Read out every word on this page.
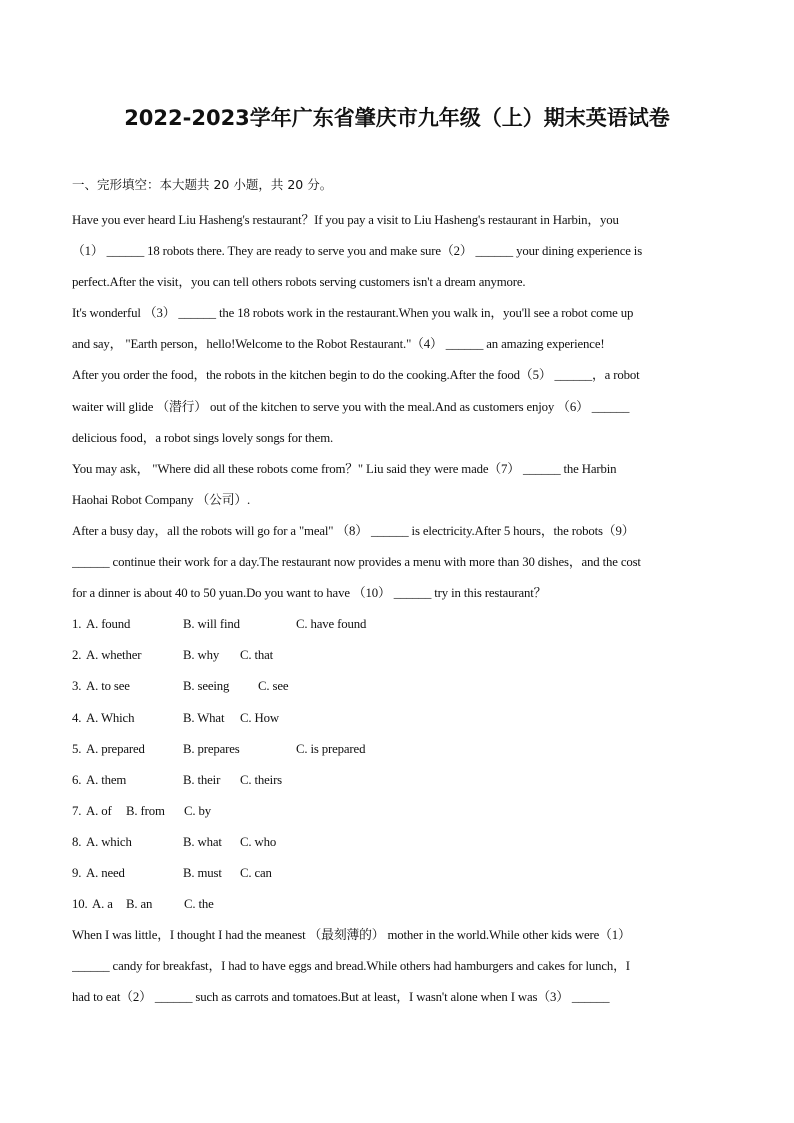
2022-2023学年广东省肇庆市九年级（上）期末英语试卷
一、完形填空：本大题共 20 小题，共 20 分。
Have you ever heard Liu Hasheng's restaurant？If you pay a visit to Liu Hasheng's restaurant in Harbin，you
（1） ______ 18 robots there. They are ready to serve you and make sure（2） ______ your dining experience is
perfect.After the visit，you can tell others robots serving customers isn't a dream anymore.
It's wonderful （3） ______ the 18 robots work in the restaurant.When you walk in，you'll see a robot come up
and say， "Earth person，hello!Welcome to the Robot Restaurant."（4） ______ an amazing experience!
After you order the food，the robots in the kitchen begin to do the cooking.After the food（5） ______，a robot
waiter will glide （潜行） out of the kitchen to serve you with the meal.And as customers enjoy （6） ______
delicious food，a robot sings lovely songs for them.
You may ask， "Where did all these robots come from？" Liu said they were made（7） ______ the Harbin
Haohai Robot Company （公司）.
After a busy day，all the robots will go for a "meal" （8） ______ is electricity.After 5 hours，the robots（9）
______ continue their work for a day.The restaurant now provides a menu with more than 30 dishes，and the cost
for a dinner is about 40 to 50 yuan.Do you want to have （10） ______ try in this restaurant？
1. A. found	B. will find	C. have found
2. A. whether	B. why C. that
3. A. to see	B. seeing C. see
4. A. Which	B. What C. How
5. A. prepared	B. prepares	C. is prepared
6. A. them	B. their C. theirs
7. A. of B. from C. by
8. A. which	B. what C. who
9. A. need	B. must C. can
10. A. a B. an C. the
When I was little，I thought I had the meanest （最刻薄的） mother in the world.While other kids were（1）
______ candy for breakfast，I had to have eggs and bread.While others had hamburgers and cakes for lunch，I
had to eat（2） ______ such as carrots and tomatoes.But at least，I wasn't alone when I was（3） ______
